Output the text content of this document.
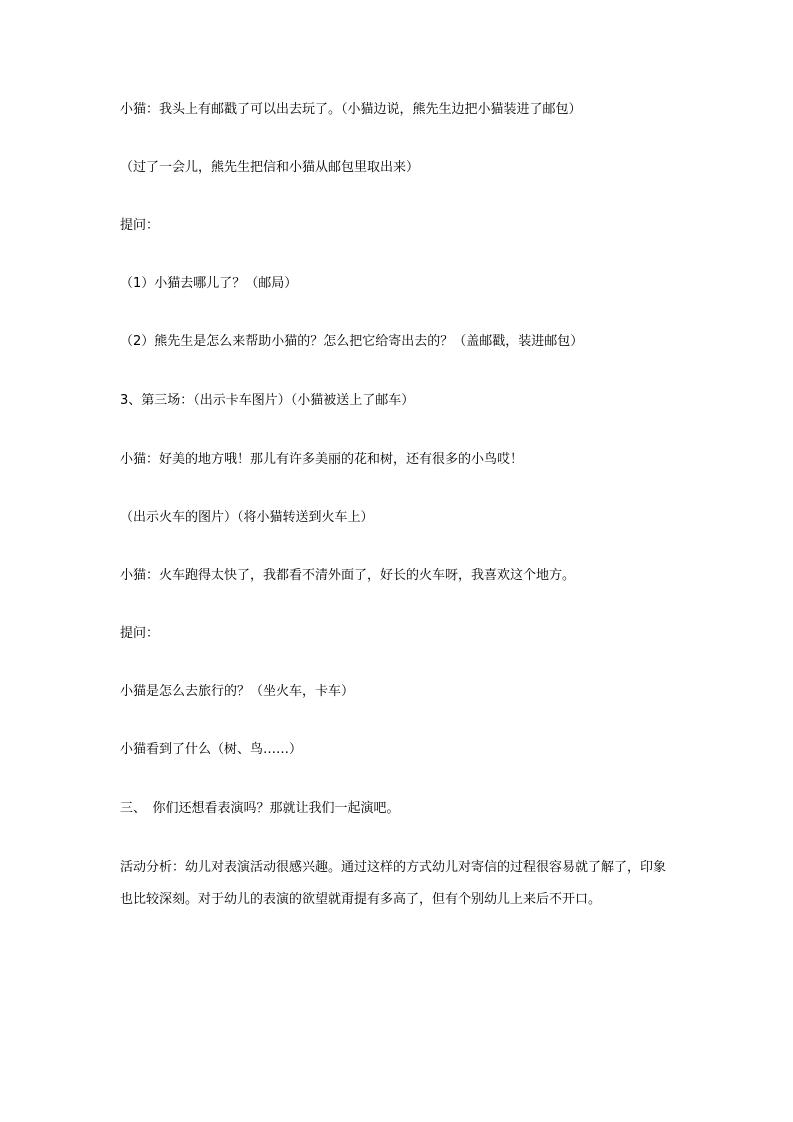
小猫：我头上有邮戳了可以出去玩了。（小猫边说，熊先生边把小猫装进了邮包）
（过了一会儿，熊先生把信和小猫从邮包里取出来）
提问：
（1）小猫去哪儿了？（邮局）
（2）熊先生是怎么来帮助小猫的？怎么把它给寄出去的？（盖邮戳，装进邮包）
3、第三场：（出示卡车图片）（小猫被送上了邮车）
小猫：好美的地方哦！那儿有许多美丽的花和树，还有很多的小鸟哎！
（出示火车的图片）（将小猫转送到火车上）
小猫：火车跑得太快了，我都看不清外面了，好长的火车呀，我喜欢这个地方。
提问：
小猫是怎么去旅行的？（坐火车，卡车）
小猫看到了什么（树、鸟……）
三、　你们还想看表演吗？那就让我们一起演吧。
活动分析：幼儿对表演活动很感兴趣。通过这样的方式幼儿对寄信的过程很容易就了解了，印象
也比较深刻。对于幼儿的表演的欲望就甭提有多高了，但有个别幼儿上来后不开口。
